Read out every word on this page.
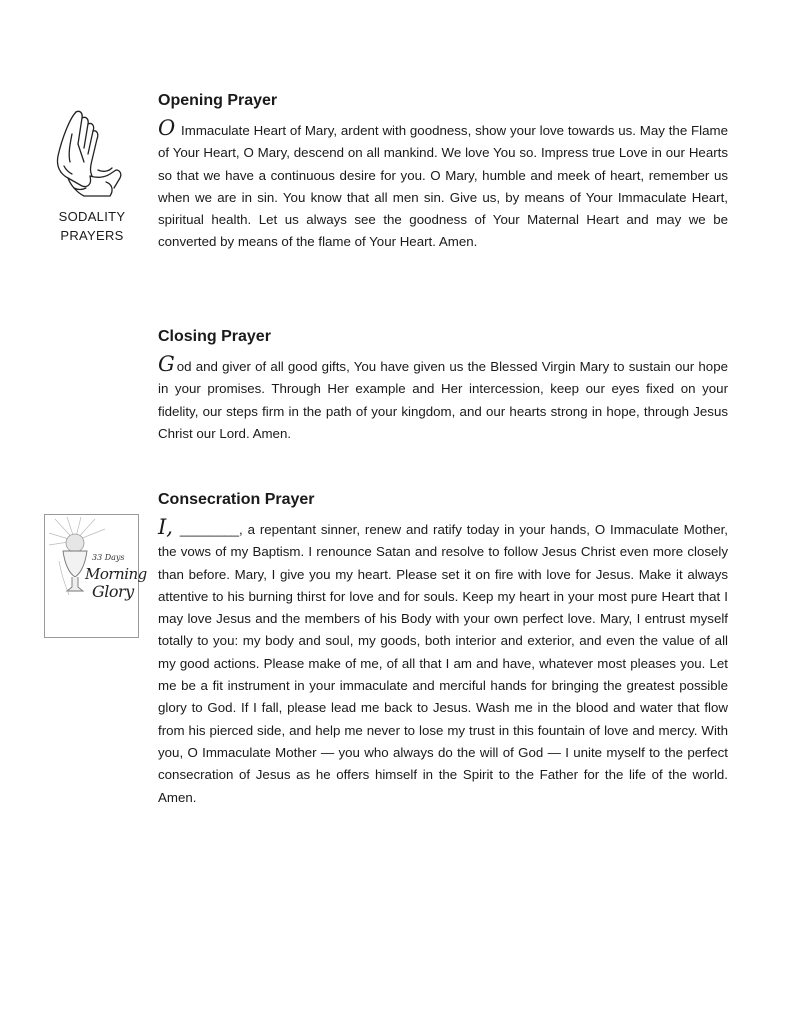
SODALITY
PRAYERS
Opening Prayer

O Immaculate Heart of Mary, ardent with goodness, show your love towards us. May the Flame of Your Heart, O Mary, descend on all mankind. We love You so. Impress true Love in our Hearts so that we have a continuous desire for you. O Mary, humble and meek of heart, remember us when we are in sin. You know that all men sin. Give us, by means of Your Immaculate Heart, spiritual health. Let us always see the goodness of Your Maternal Heart and may we be converted by means of the flame of Your Heart. Amen.

Closing Prayer

God and giver of all good gifts, You have given us the Blessed Virgin Mary to sustain our hope in your promises. Through Her example and Her intercession, keep our eyes fixed on your fidelity, our steps firm in the path of your kingdom, and our hearts strong in hope, through Jesus Christ our Lord. Amen.

33 Days
Morning
Glory
Consecration Prayer

I, ________, a repentant sinner, renew and ratify today in your hands, O Immaculate Mother, the vows of my Baptism. I renounce Satan and resolve to follow Jesus Christ even more closely than before. Mary, I give you my heart. Please set it on fire with love for Jesus. Make it always attentive to his burning thirst for love and for souls. Keep my heart in your most pure Heart that I may love Jesus and the members of his Body with your own perfect love. Mary, I entrust myself totally to you: my body and soul, my goods, both interior and exterior, and even the value of all my good actions. Please make of me, of all that I am and have, whatever most pleases you. Let me be a fit instrument in your immaculate and merciful hands for bringing the greatest possible glory to God. If I fall, please lead me back to Jesus. Wash me in the blood and water that flow from his pierced side, and help me never to lose my trust in this fountain of love and mercy. With you, O Immaculate Mother — you who always do the will of God — I unite myself to the perfect consecration of Jesus as he offers himself in the Spirit to the Father for the life of the world. Amen.
